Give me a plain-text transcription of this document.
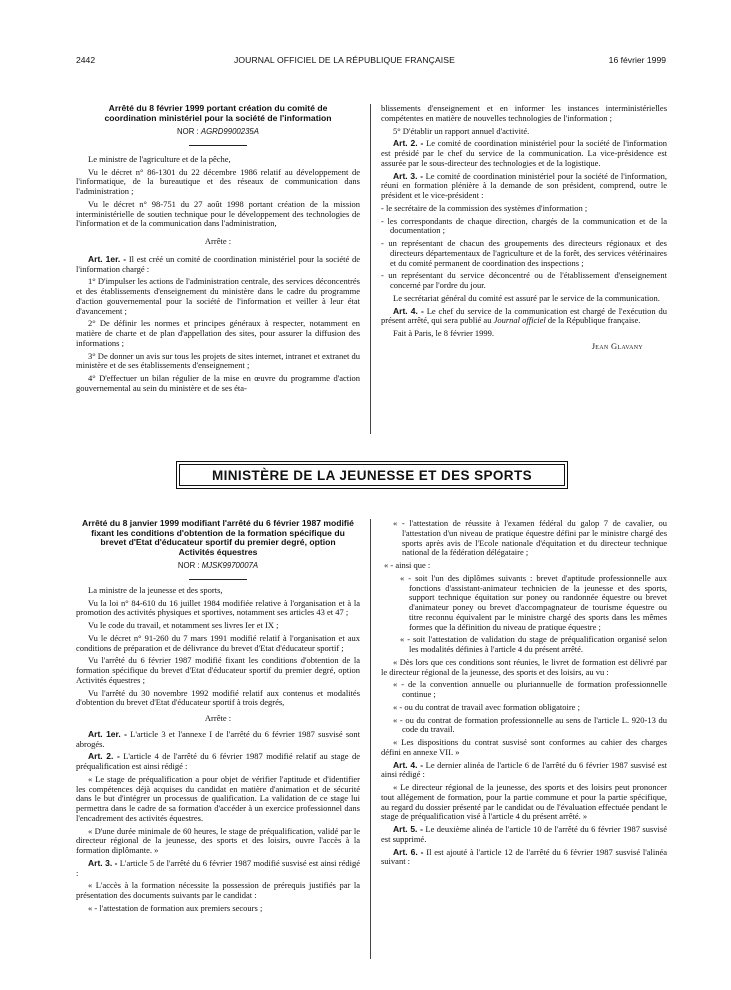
2442	JOURNAL OFFICIEL DE LA RÉPUBLIQUE FRANÇAISE	16 février 1999
Arrêté du 8 février 1999 portant création du comité de coordination ministériel pour la société de l'information
NOR : AGRD9900235A

Le ministre de l'agriculture et de la pêche,

Vu le décret n° 86-1301 du 22 décembre 1986 relatif au développement de l'informatique, de la bureautique et des réseaux de communication dans l'administration ;

Vu le décret n° 98-751 du 27 août 1998 portant création de la mission interministérielle de soutien technique pour le développement des technologies de l'information et de la communication dans l'administration,

Arrête :

Art. 1er. - Il est créé un comité de coordination ministériel pour la société de l'information chargé :

1° D'impulser les actions de l'administration centrale, des services déconcentrés et des établissements d'enseignement du ministère dans le cadre du programme d'action gouvernemental pour la société de l'information et veiller à leur état d'avancement ;

2° De définir les normes et principes généraux à respecter, notamment en matière de charte et de plan d'appellation des sites, pour assurer la diffusion des informations ;

3° De donner un avis sur tous les projets de sites internet, intranet et extranet du ministère et de ses établissements d'enseignement ;

4° D'effectuer un bilan régulier de la mise en œuvre du programme d'action gouvernemental au sein du ministère et de ses éta-

blissements d'enseignement et en informer les instances interministérielles compétentes en matière de nouvelles technologies de l'information ;

5° D'établir un rapport annuel d'activité.

Art. 2. - Le comité de coordination ministériel pour la société de l'information est présidé par le chef du service de la communication. La vice-présidence est assurée par le sous-directeur des technologies et de la logistique.

Art. 3. - Le comité de coordination ministériel pour la société de l'information, réuni en formation plénière à la demande de son président, comprend, outre le président et le vice-président :

- le secrétaire de la commission des systèmes d'information ;

- les correspondants de chaque direction, chargés de la communication et de la documentation ;

- un représentant de chacun des groupements des directeurs régionaux et des directeurs départementaux de l'agriculture et de la forêt, des services vétérinaires et du comité permanent de coordination des inspections ;

- un représentant du service déconcentré ou de l'établissement d'enseignement concerné par l'ordre du jour.

Le secrétariat général du comité est assuré par le service de la communication.

Art. 4. - Le chef du service de la communication est chargé de l'exécution du présent arrêté, qui sera publié au Journal officiel de la République française.

Fait à Paris, le 8 février 1999.

Jean Glavany

MINISTÈRE DE LA JEUNESSE ET DES SPORTS
Arrêté du 8 janvier 1999 modifiant l'arrêté du 6 février 1987 modifié fixant les conditions d'obtention de la formation spécifique du brevet d'Etat d'éducateur sportif du premier degré, option Activités équestres
NOR : MJSK9970007A

La ministre de la jeunesse et des sports,

Vu la loi n° 84-610 du 16 juillet 1984 modifiée relative à l'organisation et à la promotion des activités physiques et sportives, notamment ses articles 43 et 47 ;

Vu le code du travail, et notamment ses livres Ier et IX ;

Vu le décret n° 91-260 du 7 mars 1991 modifié relatif à l'organisation et aux conditions de préparation et de délivrance du brevet d'Etat d'éducateur sportif ;

Vu l'arrêté du 6 février 1987 modifié fixant les conditions d'obtention de la formation spécifique du brevet d'Etat d'éducateur sportif du premier degré, option Activités équestres ;

Vu l'arrêté du 30 novembre 1992 modifié relatif aux contenus et modalités d'obtention du brevet d'Etat d'éducateur sportif à trois degrés,

Arrête :

Art. 1er. - L'article 3 et l'annexe I de l'arrêté du 6 février 1987 susvisé sont abrogés.

Art. 2. - L'article 4 de l'arrêté du 6 février 1987 modifié relatif au stage de préqualification est ainsi rédigé :

« Le stage de préqualification a pour objet de vérifier l'aptitude et d'identifier les compétences déjà acquises du candidat en matière d'animation et de sécurité dans le but d'intégrer un processus de qualification. La validation de ce stage lui permettra dans le cadre de sa formation d'accéder à un exercice professionnel dans l'encadrement des activités équestres.

« D'une durée minimale de 60 heures, le stage de préqualification, validé par le directeur régional de la jeunesse, des sports et des loisirs, ouvre l'accès à la formation diplômante. »

Art. 3. - L'article 5 de l'arrêté du 6 février 1987 modifié susvisé est ainsi rédigé :

« L'accès à la formation nécessite la possession de prérequis justifiés par la présentation des documents suivants par le candidat :

« - l'attestation de formation aux premiers secours ;

« - l'attestation de réussite à l'examen fédéral du galop 7 de cavalier, ou l'attestation d'un niveau de pratique équestre défini par le ministre chargé des sports après avis de l'Ecole nationale d'équitation et du directeur technique national de la fédération délégataire ;

« - ainsi que :

« - soit l'un des diplômes suivants : brevet d'aptitude professionnelle aux fonctions d'assistant-animateur technicien de la jeunesse et des sports, support technique équitation sur poney ou randonnée équestre ou brevet d'animateur poney ou brevet d'accompagnateur de tourisme équestre ou titre reconnu équivalent par le ministre chargé des sports dans les mêmes formes que la définition du niveau de pratique équestre ;

« - soit l'attestation de validation du stage de préqualification organisé selon les modalités définies à l'article 4 du présent arrêté.

« Dès lors que ces conditions sont réunies, le livret de formation est délivré par le directeur régional de la jeunesse, des sports et des loisirs, au vu :

« - de la convention annuelle ou pluriannuelle de formation professionnelle continue ;

« - ou du contrat de travail avec formation obligatoire ;

« - ou du contrat de formation professionnelle au sens de l'article L. 920-13 du code du travail.

« Les dispositions du contrat susvisé sont conformes au cahier des charges défini en annexe VII. »

Art. 4. - Le dernier alinéa de l'article 6 de l'arrêté du 6 février 1987 susvisé est ainsi rédigé :

« Le directeur régional de la jeunesse, des sports et des loisirs peut prononcer tout allégement de formation, pour la partie commune et pour la partie spécifique, au regard du dossier présenté par le candidat ou de l'évaluation effectuée pendant le stage de préqualification visé à l'article 4 du présent arrêté. »

Art. 5. - Le deuxième alinéa de l'article 10 de l'arrêté du 6 février 1987 susvisé est supprimé.

Art. 6. - Il est ajouté à l'article 12 de l'arrêté du 6 février 1987 susvisé l'alinéa suivant :
